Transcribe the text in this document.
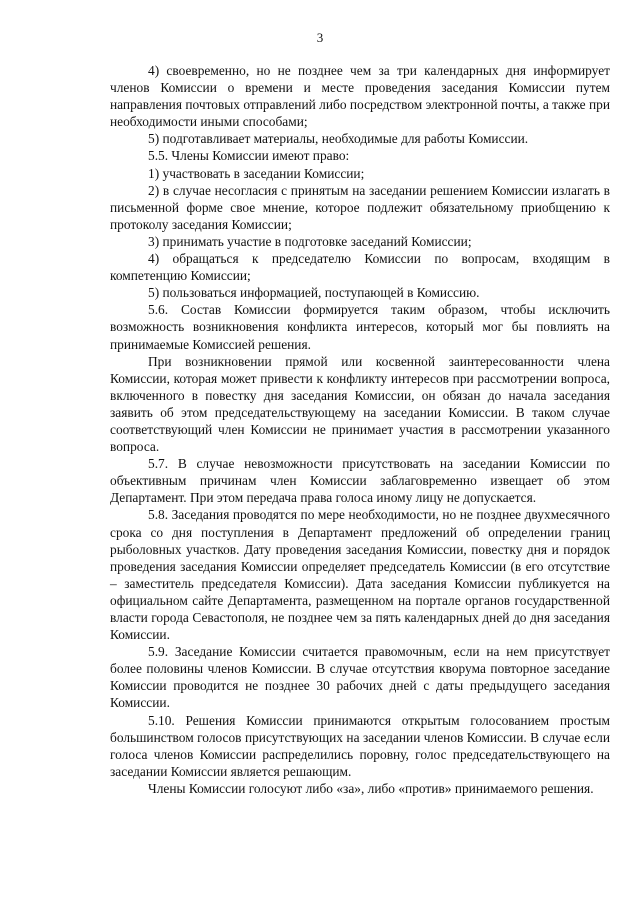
3

4) своевременно, но не позднее чем за три календарных дня информирует членов Комиссии о времени и месте проведения заседания Комиссии путем направления почтовых отправлений либо посредством электронной почты, а также при необходимости иными способами;

5) подготавливает материалы, необходимые для работы Комиссии.

5.5. Члены Комиссии имеют право:

1) участвовать в заседании Комиссии;

2) в случае несогласия с принятым на заседании решением Комиссии излагать в письменной форме свое мнение, которое подлежит обязательному приобщению к протоколу заседания Комиссии;

3) принимать участие в подготовке заседаний Комиссии;

4) обращаться к председателю Комиссии по вопросам, входящим в компетенцию Комиссии;

5) пользоваться информацией, поступающей в Комиссию.

5.6. Состав Комиссии формируется таким образом, чтобы исключить возможность возникновения конфликта интересов, который мог бы повлиять на принимаемые Комиссией решения.

При возникновении прямой или косвенной заинтересованности члена Комиссии, которая может привести к конфликту интересов при рассмотрении вопроса, включенного в повестку дня заседания Комиссии, он обязан до начала заседания заявить об этом председательствующему на заседании Комиссии. В таком случае соответствующий член Комиссии не принимает участия в рассмотрении указанного вопроса.

5.7. В случае невозможности присутствовать на заседании Комиссии по объективным причинам член Комиссии заблаговременно извещает об этом Департамент. При этом передача права голоса иному лицу не допускается.

5.8. Заседания проводятся по мере необходимости, но не позднее двухмесячного срока со дня поступления в Департамент предложений об определении границ рыболовных участков. Дату проведения заседания Комиссии, повестку дня и порядок проведения заседания Комиссии определяет председатель Комиссии (в его отсутствие – заместитель председателя Комиссии). Дата заседания Комиссии публикуется на официальном сайте Департамента, размещенном на портале органов государственной власти города Севастополя, не позднее чем за пять календарных дней до дня заседания Комиссии.

5.9. Заседание Комиссии считается правомочным, если на нем присутствует более половины членов Комиссии. В случае отсутствия кворума повторное заседание Комиссии проводится не позднее 30 рабочих дней с даты предыдущего заседания Комиссии.

5.10. Решения Комиссии принимаются открытым голосованием простым большинством голосов присутствующих на заседании членов Комиссии. В случае если голоса членов Комиссии распределились поровну, голос председательствующего на заседании Комиссии является решающим.

Члены Комиссии голосуют либо «за», либо «против» принимаемого решения.
